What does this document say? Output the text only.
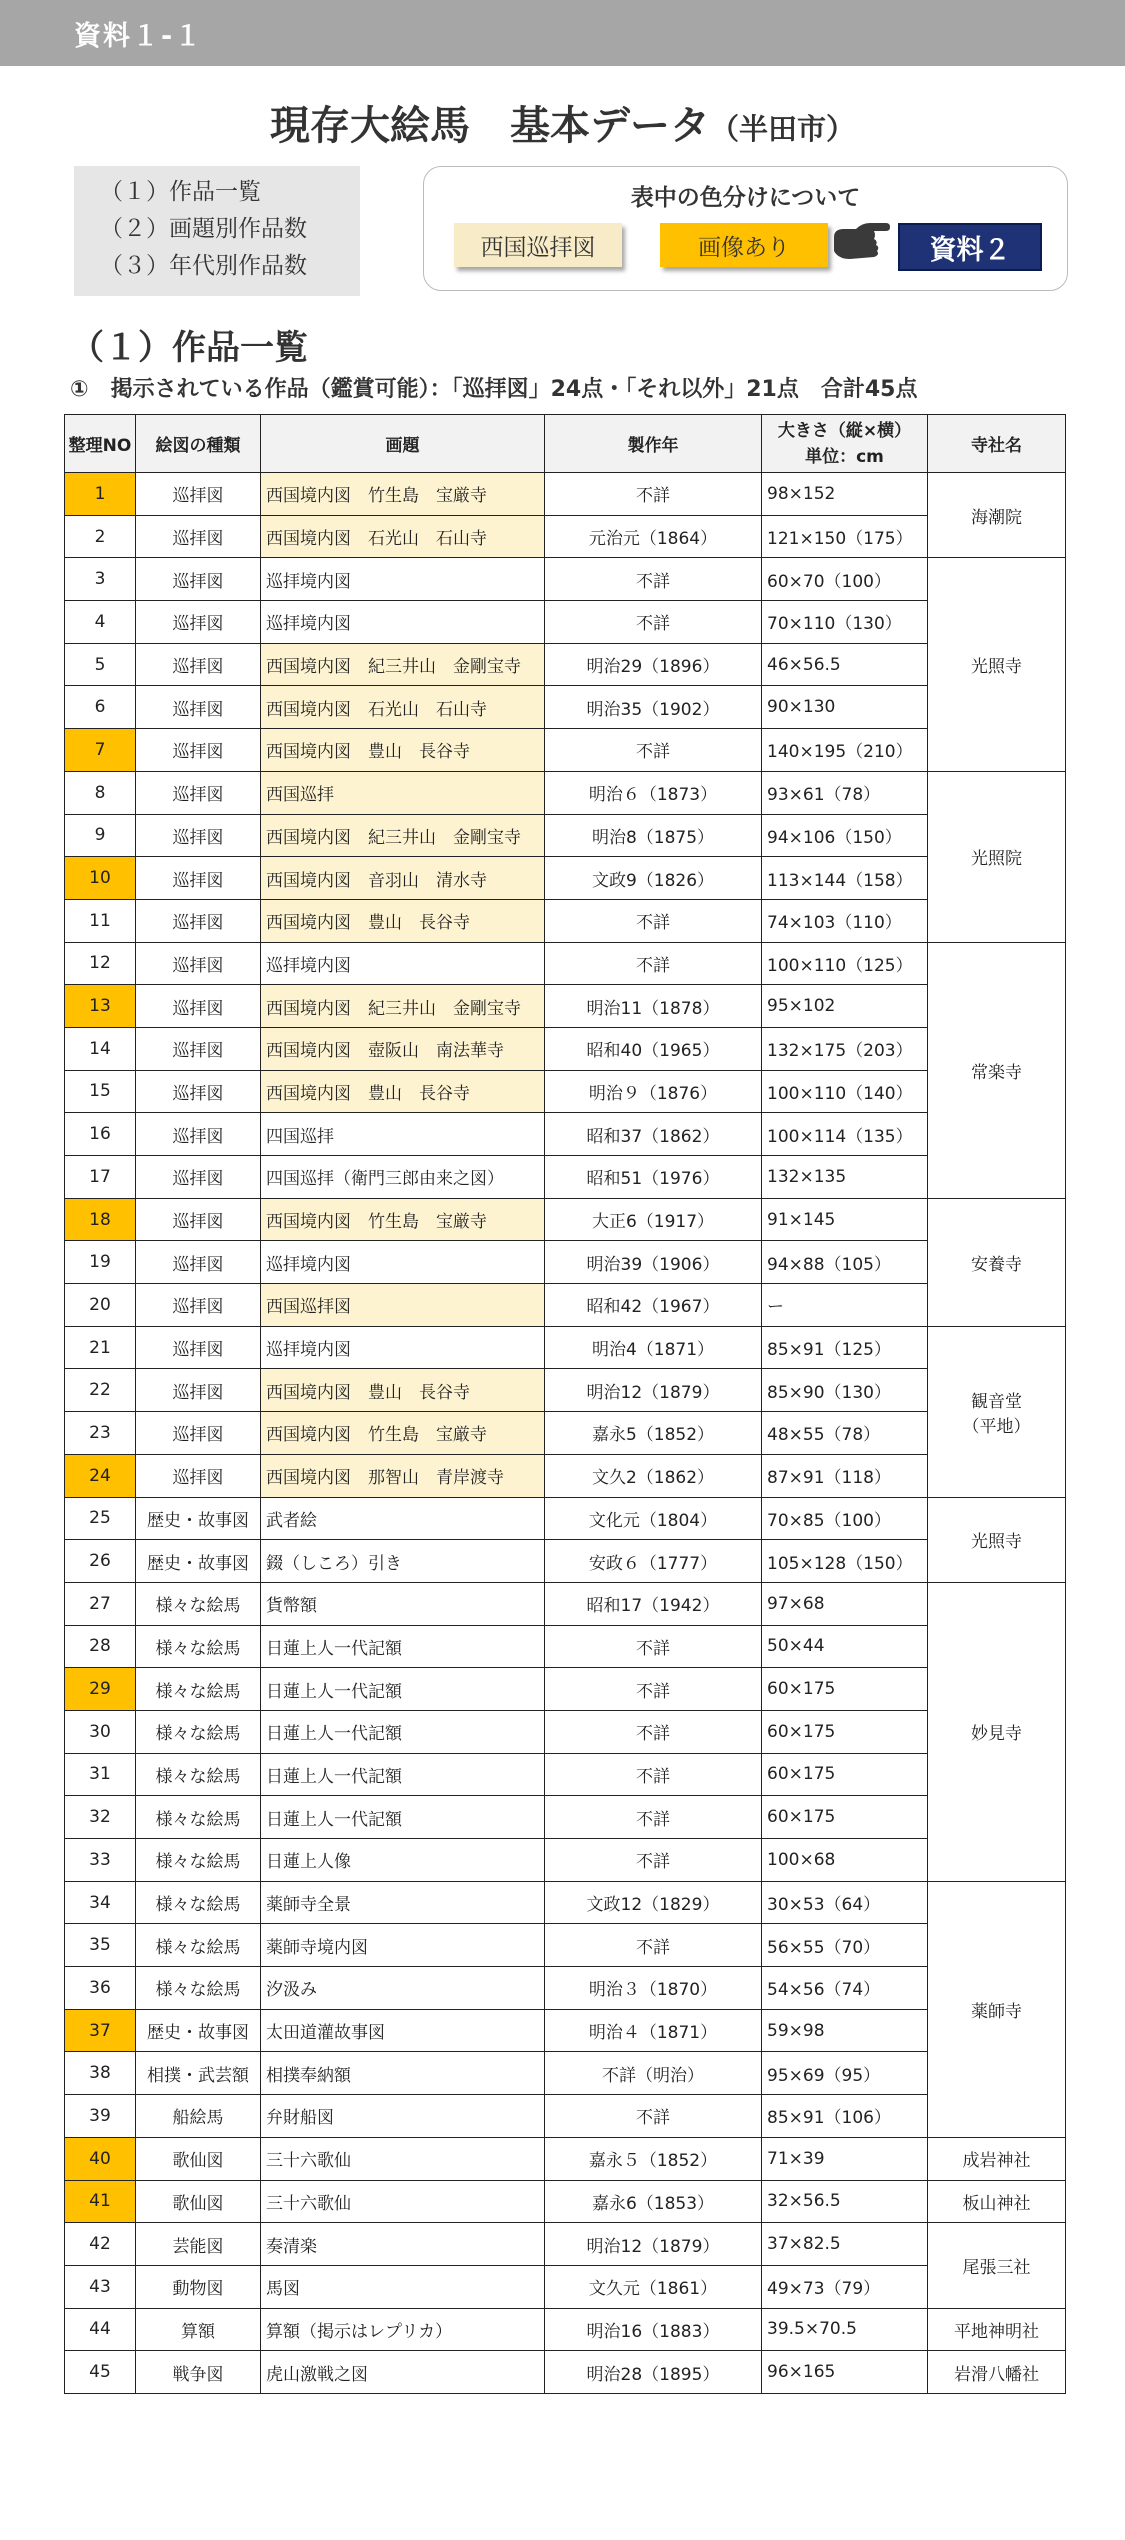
資料１-１
現存大絵馬　基本データ（半田市）
（１）作品一覧
（２）画題別作品数
（３）年代別作品数
表中の色分けについて
西国巡拝図	画像あり	資料２
（１）作品一覧
①　掲示されている作品（鑑賞可能）：「巡拝図」24点・「それ以外」21点　合計45点
整理NO	絵図の種類	画題	製作年	大きさ（縦×横）
単位：cm	寺社名
1	巡拝図	西国境内図　竹生島　宝厳寺	不詳	98×152	海潮院
2	巡拝図	西国境内図　石光山　石山寺	元治元（1864）	121×150（175）	
3	巡拝図	巡拝境内図	不詳	60×70（100）	光照寺
4	巡拝図	巡拝境内図	不詳	70×110（130）	
5	巡拝図	西国境内図　紀三井山　金剛宝寺	明治29（1896）	46×56.5	
6	巡拝図	西国境内図　石光山　石山寺	明治35（1902）	90×130	
7	巡拝図	西国境内図　豊山　長谷寺	不詳	140×195（210）	
8	巡拝図	西国巡拝	明治６（1873）	93×61（78）	光照院
9	巡拝図	西国境内図　紀三井山　金剛宝寺	明治8（1875）	94×106（150）	
10	巡拝図	西国境内図　音羽山　清水寺	文政9（1826）	113×144（158）	
11	巡拝図	西国境内図　豊山　長谷寺	不詳	74×103（110）	
12	巡拝図	巡拝境内図	不詳	100×110（125）	常楽寺
13	巡拝図	西国境内図　紀三井山　金剛宝寺	明治11（1878）	95×102	
14	巡拝図	西国境内図　壺阪山　南法華寺	昭和40（1965）	132×175（203）	
15	巡拝図	西国境内図　豊山　長谷寺	明治９（1876）	100×110（140）	
16	巡拝図	四国巡拝	昭和37（1862）	100×114（135）	
17	巡拝図	四国巡拝（衛門三郎由来之図）	昭和51（1976）	132×135	
18	巡拝図	西国境内図　竹生島　宝厳寺	大正6（1917）	91×145	安養寺
19	巡拝図	巡拝境内図	明治39（1906）	94×88（105）	
20	巡拝図	西国巡拝図	昭和42（1967）	ー	
21	巡拝図	巡拝境内図	明治4（1871）	85×91（125）	観音堂
（平地）
22	巡拝図	西国境内図　豊山　長谷寺	明治12（1879）	85×90（130）	
23	巡拝図	西国境内図　竹生島　宝厳寺	嘉永5（1852）	48×55（78）	
24	巡拝図	西国境内図　那智山　青岸渡寺	文久2（1862）	87×91（118）	
25	歴史・故事図	武者絵	文化元（1804）	70×85（100）	光照寺
26	歴史・故事図	錣（しころ）引き	安政６（1777）	105×128（150）	
27	様々な絵馬	貨幣額	昭和17（1942）	97×68	妙見寺
28	様々な絵馬	日蓮上人一代記額	不詳	50×44	
29	様々な絵馬	日蓮上人一代記額	不詳	60×175	
30	様々な絵馬	日蓮上人一代記額	不詳	60×175	
31	様々な絵馬	日蓮上人一代記額	不詳	60×175	
32	様々な絵馬	日蓮上人一代記額	不詳	60×175	
33	様々な絵馬	日蓮上人像	不詳	100×68	
34	様々な絵馬	薬師寺全景	文政12（1829）	30×53（64）	薬師寺
35	様々な絵馬	薬師寺境内図	不詳	56×55（70）	
36	様々な絵馬	汐汲み	明治３（1870）	54×56（74）	
37	歴史・故事図	太田道灌故事図	明治４（1871）	59×98	
38	相撲・武芸額	相撲奉納額	不詳（明治）	95×69（95）	
39	船絵馬	弁財船図	不詳	85×91（106）	
40	歌仙図	三十六歌仙	嘉永５（1852）	71×39	成岩神社
41	歌仙図	三十六歌仙	嘉永6（1853）	32×56.5	板山神社
42	芸能図	奏清楽	明治12（1879）	37×82.5	尾張三社
43	動物図	馬図	文久元（1861）	49×73（79）	
44	算額	算額（掲示はレプリカ）	明治16（1883）	39.5×70.5	平地神明社
45	戦争図	虎山激戦之図	明治28（1895）	96×165	岩滑八幡社
